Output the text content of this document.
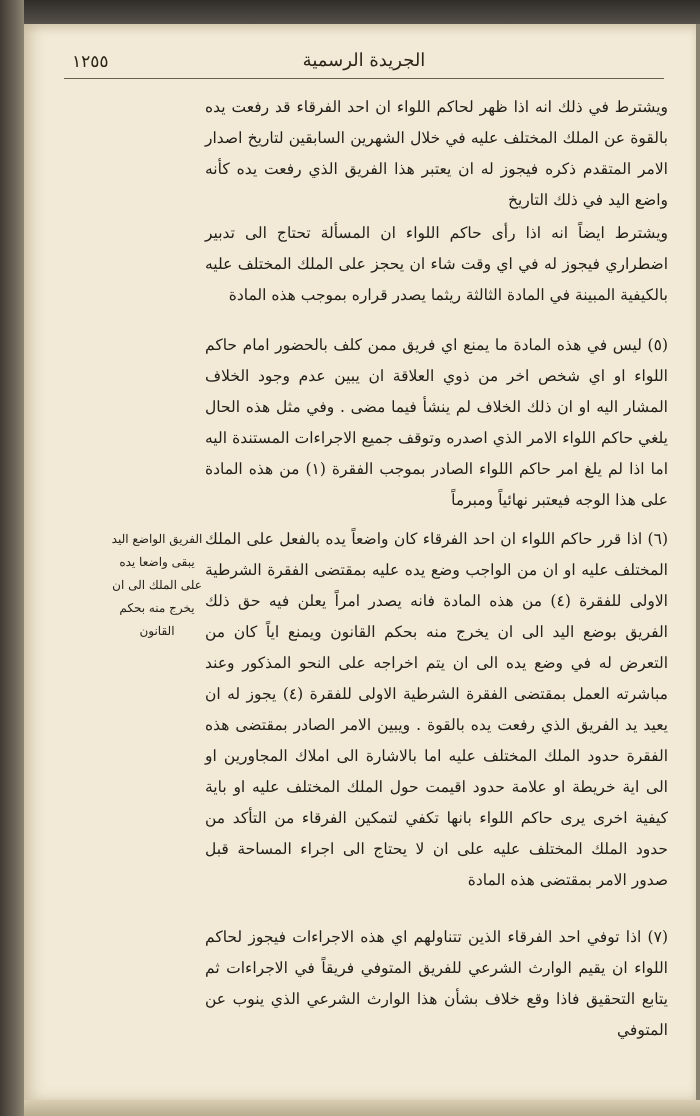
١٢٥٥	الجريدة الرسمية
ويشترط في ذلك انه اذا ظهر لحاكم اللواء ان احد الفرقاء قد رفعت يده بالقوة عن الملك المختلف عليه في خلال الشهرين السابقين لتاريخ اصدار الامر المتقدم ذكره فيجوز له ان يعتبر هذا الفريق الذي رفعت يده كأنه واضع اليد في ذلك التاريخ
ويشترط ايضاً انه اذا رأى حاكم اللواء ان المسألة تحتاج الى تدبير اضطراري فيجوز له في اي وقت شاء ان يحجز على الملك المختلف عليه بالكيفية المبينة في المادة الثالثة ريثما يصدر قراره بموجب هذه المادة
(٥) ليس في هذه المادة ما يمنع اي فريق ممن كلف بالحضور امام حاكم اللواء او اي شخص اخر من ذوي العلاقة ان يبين عدم وجود الخلاف المشار اليه او ان ذلك الخلاف لم ينشأ فيما مضى . وفي مثل هذه الحال يلغي حاكم اللواء الامر الذي اصدره وتوقف جميع الاجراءات المستندة اليه اما اذا لم يلغ امر حاكم اللواء الصادر بموجب الفقرة (١) من هذه المادة على هذا الوجه فيعتبر نهائياً ومبرماً
(٦) اذا قرر حاكم اللواء ان احد الفرقاء كان واضعاً يده بالفعل على الملك المختلف عليه او ان من الواجب وضع يده عليه بمقتضى الفقرة الشرطية الاولى للفقرة (٤) من هذه المادة فانه يصدر امراً يعلن فيه حق ذلك الفريق بوضع اليد الى ان يخرج منه بحكم القانون ويمنع اياً كان من التعرض له في وضع يده الى ان يتم اخراجه على النحو المذكور وعند مباشرته العمل بمقتضى الفقرة الشرطية الاولى للفقرة (٤) يجوز له ان يعيد يد الفريق الذي رفعت يده بالقوة . ويبين الامر الصادر بمقتضى هذه الفقرة حدود الملك المختلف عليه اما بالاشارة الى املاك المجاورين او الى اية خريطة او علامة حدود اقيمت حول الملك المختلف عليه او باية كيفية اخرى يرى حاكم اللواء بانها تكفي لتمكين الفرقاء من التأكد من حدود الملك المختلف عليه على ان لا يحتاج الى اجراء المساحة قبل صدور الامر بمقتضى هذه المادة
(٧) اذا توفي احد الفرقاء الذين تتناولهم اي هذه الاجراءات فيجوز لحاكم اللواء ان يقيم الوارث الشرعي للفريق المتوفي فريقاً في الاجراءات ثم يتابع التحقيق فاذا وقع خلاف بشأن هذا الوارث الشرعي الذي ينوب عن المتوفي
الفريق الواضع اليد يبقى واضعا يده على الملك الى ان يخرج منه بحكم القانون
